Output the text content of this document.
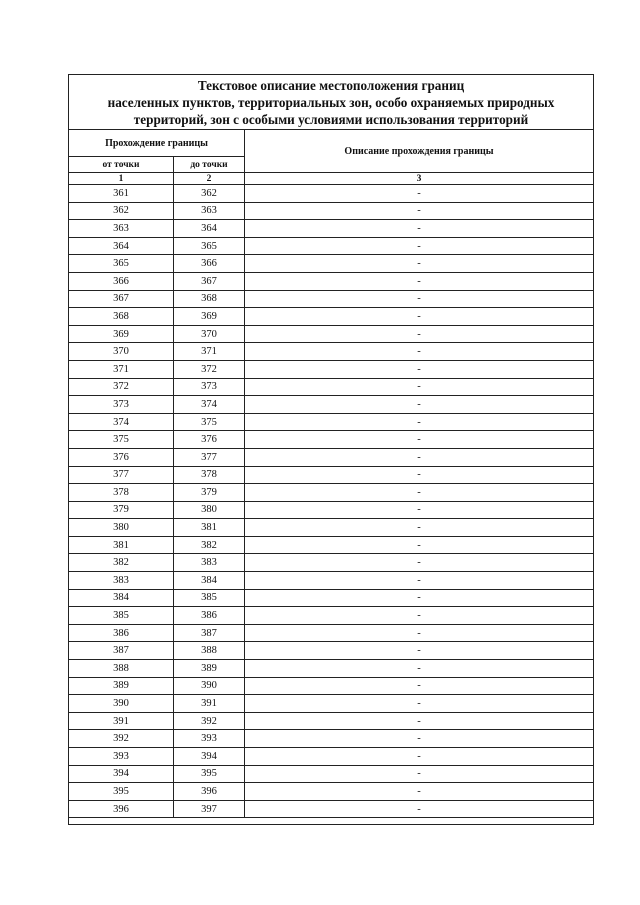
Текстовое описание местоположения границ
населенных пунктов, территориальных зон, особо охраняемых природных
территорий, зон с особыми условиями использования территорий		

Прохождение границы		Описание прохождения границы
от точки	до точки	
1	2	3
361	362	-
362	363	-
363	364	-
364	365	-
365	366	-
366	367	-
367	368	-
368	369	-
369	370	-
370	371	-
371	372	-
372	373	-
373	374	-
374	375	-
375	376	-
376	377	-
377	378	-
378	379	-
379	380	-
380	381	-
381	382	-
382	383	-
383	384	-
384	385	-
385	386	-
386	387	-
387	388	-
388	389	-
389	390	-
390	391	-
391	392	-
392	393	-
393	394	-
394	395	-
395	396	-
396	397	-
